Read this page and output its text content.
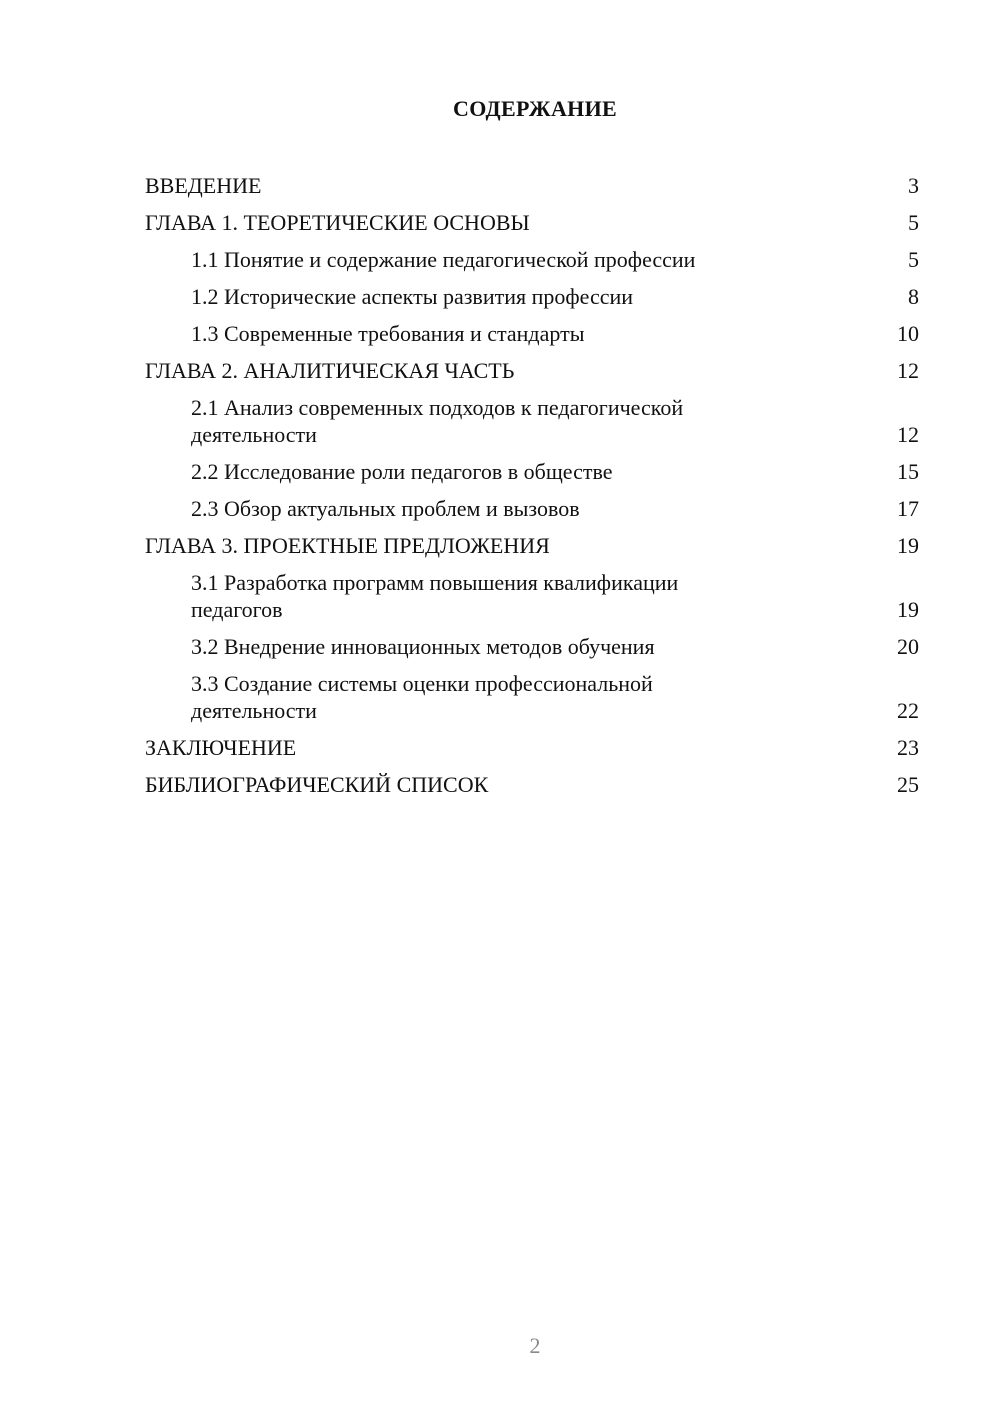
СОДЕРЖАНИЕ
ВВЕДЕНИЕ	3
ГЛАВА 1. ТЕОРЕТИЧЕСКИЕ ОСНОВЫ	5
1.1 Понятие и содержание педагогической профессии	5
1.2 Исторические аспекты развития профессии	8
1.3 Современные требования и стандарты	10
ГЛАВА 2. АНАЛИТИЧЕСКАЯ ЧАСТЬ	12
2.1 Анализ современных подходов к педагогической деятельности	12
2.2 Исследование роли педагогов в обществе	15
2.3 Обзор актуальных проблем и вызовов	17
ГЛАВА 3. ПРОЕКТНЫЕ ПРЕДЛОЖЕНИЯ	19
3.1 Разработка программ повышения квалификации педагогов	19
3.2 Внедрение инновационных методов обучения	20
3.3 Создание системы оценки профессиональной деятельности	22
ЗАКЛЮЧЕНИЕ	23
БИБЛИОГРАФИЧЕСКИЙ СПИСОК	25
2
